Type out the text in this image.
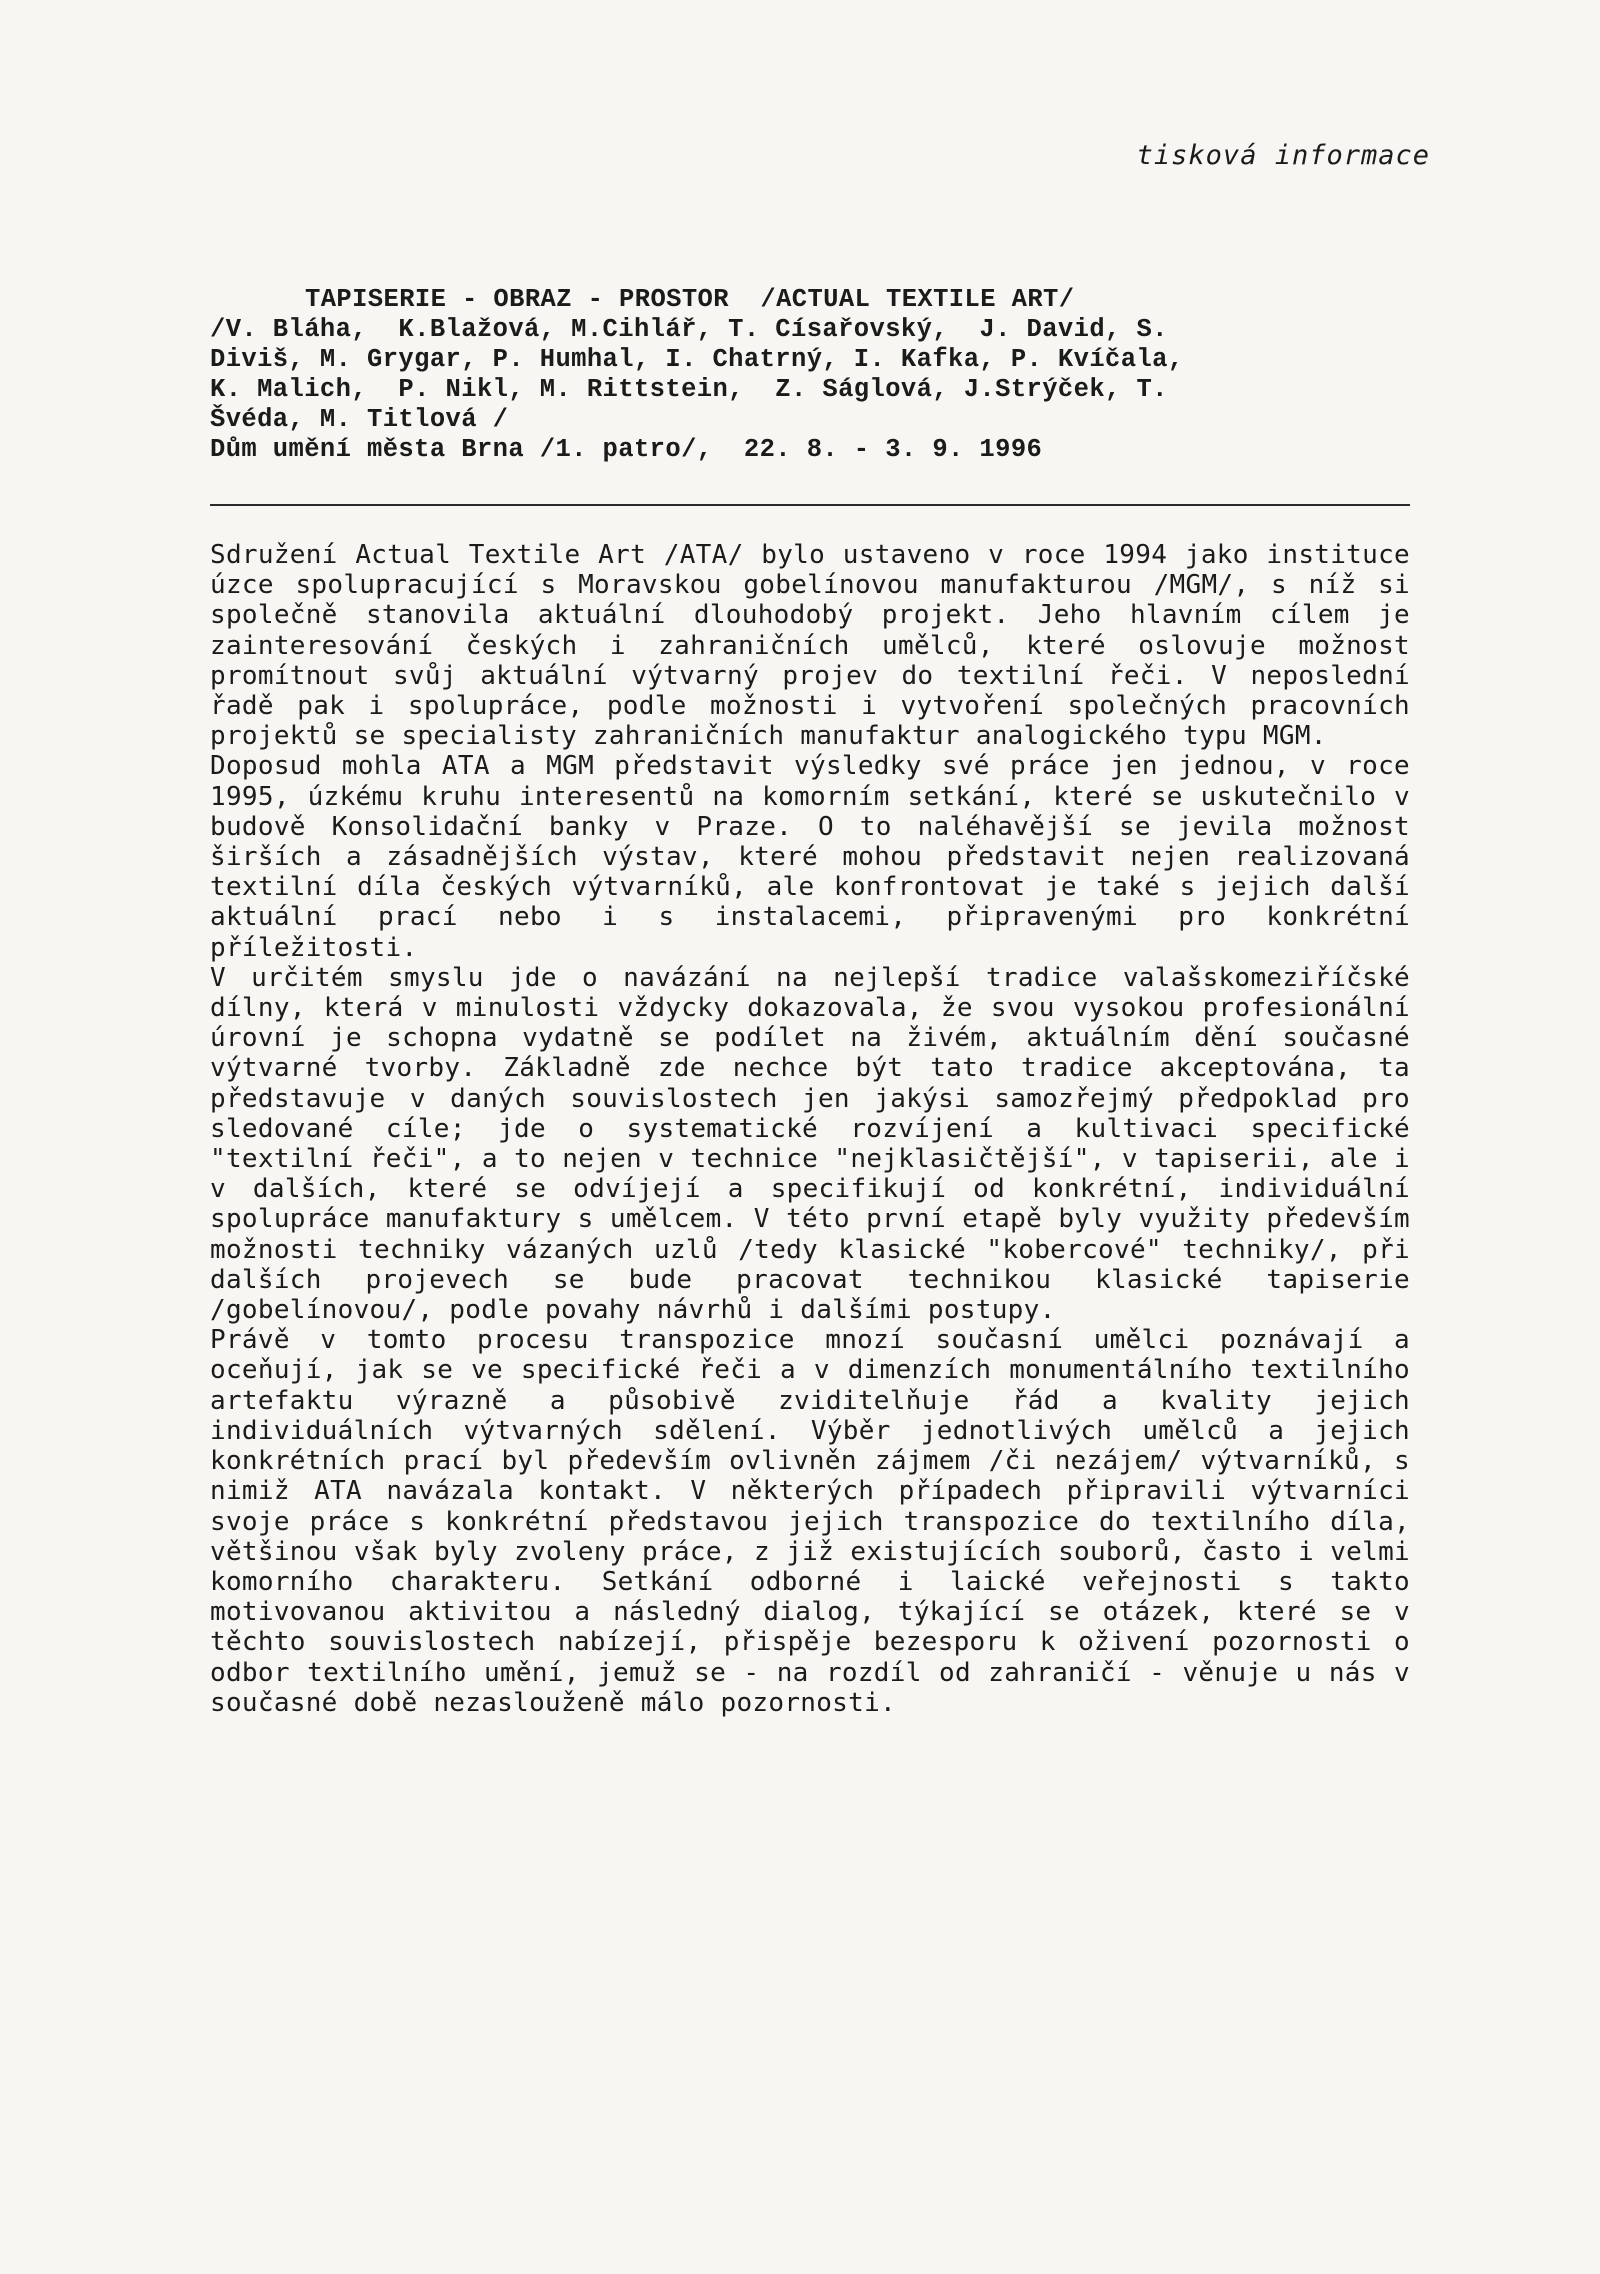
tisková informace
TAPISERIE - OBRAZ - PROSTOR  /ACTUAL TEXTILE ART/
/V. Bláha,  K.Blažová, M.Cihlář, T. Císařovský,  J. David, S.
Diviš, M. Grygar, P. Humhal, I. Chatrný, I. Kafka, P. Kvíčala,
K. Malich,  P. Nikl, M. Rittstein,  Z. Ságlová, J.Strýček, T.
Švéda, M. Titlová /
Dům umění města Brna /1. patro/,  22. 8. - 3. 9. 1996

Sdružení Actual Textile Art /ATA/ bylo ustaveno v roce 1994 jako instituce úzce spolupracující s Moravskou gobelínovou manufakturou /MGM/, s níž si společně stanovila aktuální dlouhodobý projekt. Jeho hlavním cílem je zainteresování českých i zahraničních umělců, které oslovuje možnost promítnout svůj aktuální výtvarný projev do textilní řeči. V neposlední řadě pak i spolupráce, podle možnosti i vytvoření společných pracovních projektů se specialisty zahraničních manufaktur analogického typu MGM.

Doposud mohla ATA a MGM představit výsledky své práce jen jednou, v roce 1995, úzkému kruhu interesentů na komorním setkání, které se uskutečnilo v budově Konsolidační banky v Praze. O to naléhavější se jevila možnost širších a zásadnějších výstav, které mohou představit nejen realizovaná textilní díla českých výtvarníků, ale konfrontovat je také s jejich další aktuální prací nebo i s instalacemi, připravenými pro konkrétní příležitosti.

V určitém smyslu jde o navázání na nejlepší tradice valašskomeziříčské dílny, která v minulosti vždycky dokazovala, že svou vysokou profesionální úrovní je schopna vydatně se podílet na živém, aktuálním dění současné výtvarné tvorby. Základně zde nechce být tato tradice akceptována, ta představuje v daných souvislostech jen jakýsi samozřejmý předpoklad pro sledované cíle; jde o systematické rozvíjení a kultivaci specifické "textilní řeči", a to nejen v technice "nejklasičtější", v tapiserii, ale i v dalších, které se odvíjejí a specifikují od konkrétní, individuální spolupráce manufaktury s umělcem. V této první etapě byly využity především možnosti techniky vázaných uzlů /tedy klasické "kobercové" techniky/, při dalších projevech se bude pracovat technikou klasické tapiserie /gobelínovou/, podle povahy návrhů i dalšími postupy.

Právě v tomto procesu transpozice mnozí současní umělci poznávají a oceňují, jak se ve specifické řeči a v dimenzích monumentálního textilního artefaktu výrazně a působivě zviditelňuje řád a kvality jejich individuálních výtvarných sdělení. Výběr jednotlivých umělců a jejich konkrétních prací byl především ovlivněn zájmem /či nezájem/ výtvarníků, s nimiž ATA navázala kontakt. V některých případech připravili výtvarníci svoje práce s konkrétní představou jejich transpozice do textilního díla, většinou však byly zvoleny práce, z již existujících souborů, často i velmi komorního charakteru. Setkání odborné i laické veřejnosti s takto motivovanou aktivitou a následný dialog, týkající se otázek, které se v těchto souvislostech nabízejí, přispěje bezesporu k oživení pozornosti o odbor textilního umění, jemuž se - na rozdíl od zahraničí - věnuje u nás v současné době nezaslouženě málo pozornosti.
